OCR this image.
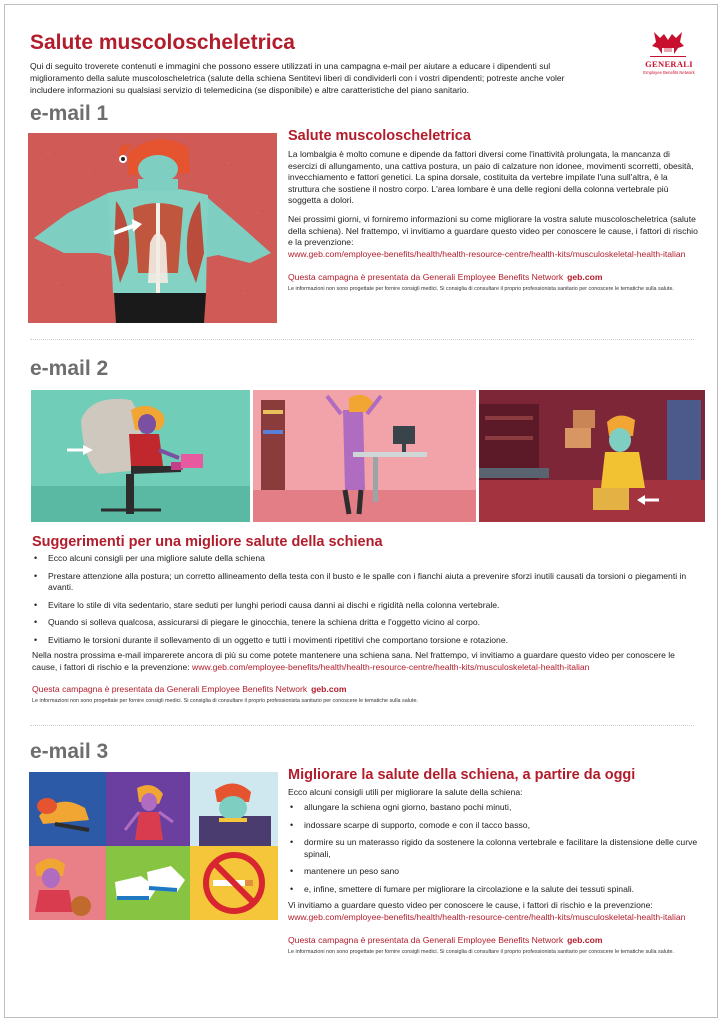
Salute muscoloscheletrica

Qui di seguito troverete contenuti e immagini che possono essere utilizzati in una campagna e-mail per aiutare a educare i dipendenti sul miglioramento della salute muscoloscheletrica (salute della schiena Sentitevi liberi di condividerli con i vostri dipendenti; potreste anche voler includere informazioni su qualsiasi servizio di telemedicina (se disponibile) e altre caratteristiche del piano sanitario.

GENERALI
Employee Benefits Network
e-mail 1
Salute muscoloscheletrica

La lombalgia è molto comune e dipende da fattori diversi come l'inattività prolungata, la mancanza di esercizi di allungamento, una cattiva postura, un paio di calzature non idonee, movimenti scorretti, obesità, invecchiamento e fattori genetici. La spina dorsale, costituita da vertebre impilate l'una sull'altra, è la struttura che sostiene il nostro corpo. L'area lombare è una delle regioni della colonna vertebrale più soggetta a dolori.

Nei prossimi giorni, vi forniremo informazioni su come migliorare la vostra salute muscoloscheletrica (salute della schiena). Nel frattempo, vi invitiamo a guardare questo video per conoscere le cause, i fattori di rischio e la prevenzione:

www.geb.com/employee-benefits/health/health-resource-centre/health-kits/musculoskeletal-health-italian

Questa campagna è presentata da Generali Employee Benefits Network geb.com
Le informazioni non sono progettate per fornire consigli medici. Si consiglia di consultare il proprio professionista sanitario per conoscere le tematiche sulla salute.
e-mail 2
Suggerimenti per una migliore salute della schiena
• Ecco alcuni consigli per una migliore salute della schiena
• Prestare attenzione alla postura; un corretto allineamento della testa con il busto e le spalle con i fianchi aiuta a prevenire sforzi inutili causati da torsioni o piegamenti in avanti.
• Evitare lo stile di vita sedentario, stare seduti per lunghi periodi causa danni ai dischi e rigidità nella colonna vertebrale.
• Quando si solleva qualcosa, assicurarsi di piegare le ginocchia, tenere la schiena dritta e l'oggetto vicino al corpo.
• Evitiamo le torsioni durante il sollevamento di un oggetto e tutti i movimenti ripetitivi che comportano torsione e rotazione.

Nella nostra prossima e-mail imparerete ancora di più su come potete mantenere una schiena sana. Nel frattempo, vi invitiamo a guardare questo video per conoscere le cause, i fattori di rischio e la prevenzione: www.geb.com/employee-benefits/health/health-resource-centre/health-kits/musculoskeletal-health-italian

Questa campagna è presentata da Generali Employee Benefits Network geb.com
Le informazioni non sono progettate per fornire consigli medici. Si consiglia di consultare il proprio professionista sanitario per conoscere le tematiche sulla salute.
e-mail 3
Migliorare la salute della schiena, a partire da oggi

Ecco alcuni consigli utili per migliorare la salute della schiena:

• allungare la schiena ogni giorno, bastano pochi minuti,
• indossare scarpe di supporto, comode e con il tacco basso,
• dormire su un materasso rigido da sostenere la colonna vertebrale e facilitare la distensione delle curve spinali,
• mantenere un peso sano
• e, infine, smettere di fumare per migliorare la circolazione e la salute dei tessuti spinali.

Vi invitiamo a guardare questo video per conoscere le cause, i fattori di rischio e la prevenzione:

www.geb.com/employee-benefits/health/health-resource-centre/health-kits/musculoskeletal-health-italian

Questa campagna è presentata da Generali Employee Benefits Network geb.com
Le informazioni non sono progettate per fornire consigli medici. Si consiglia di consultare il proprio professionista sanitario per conoscere le tematiche sulla salute.
